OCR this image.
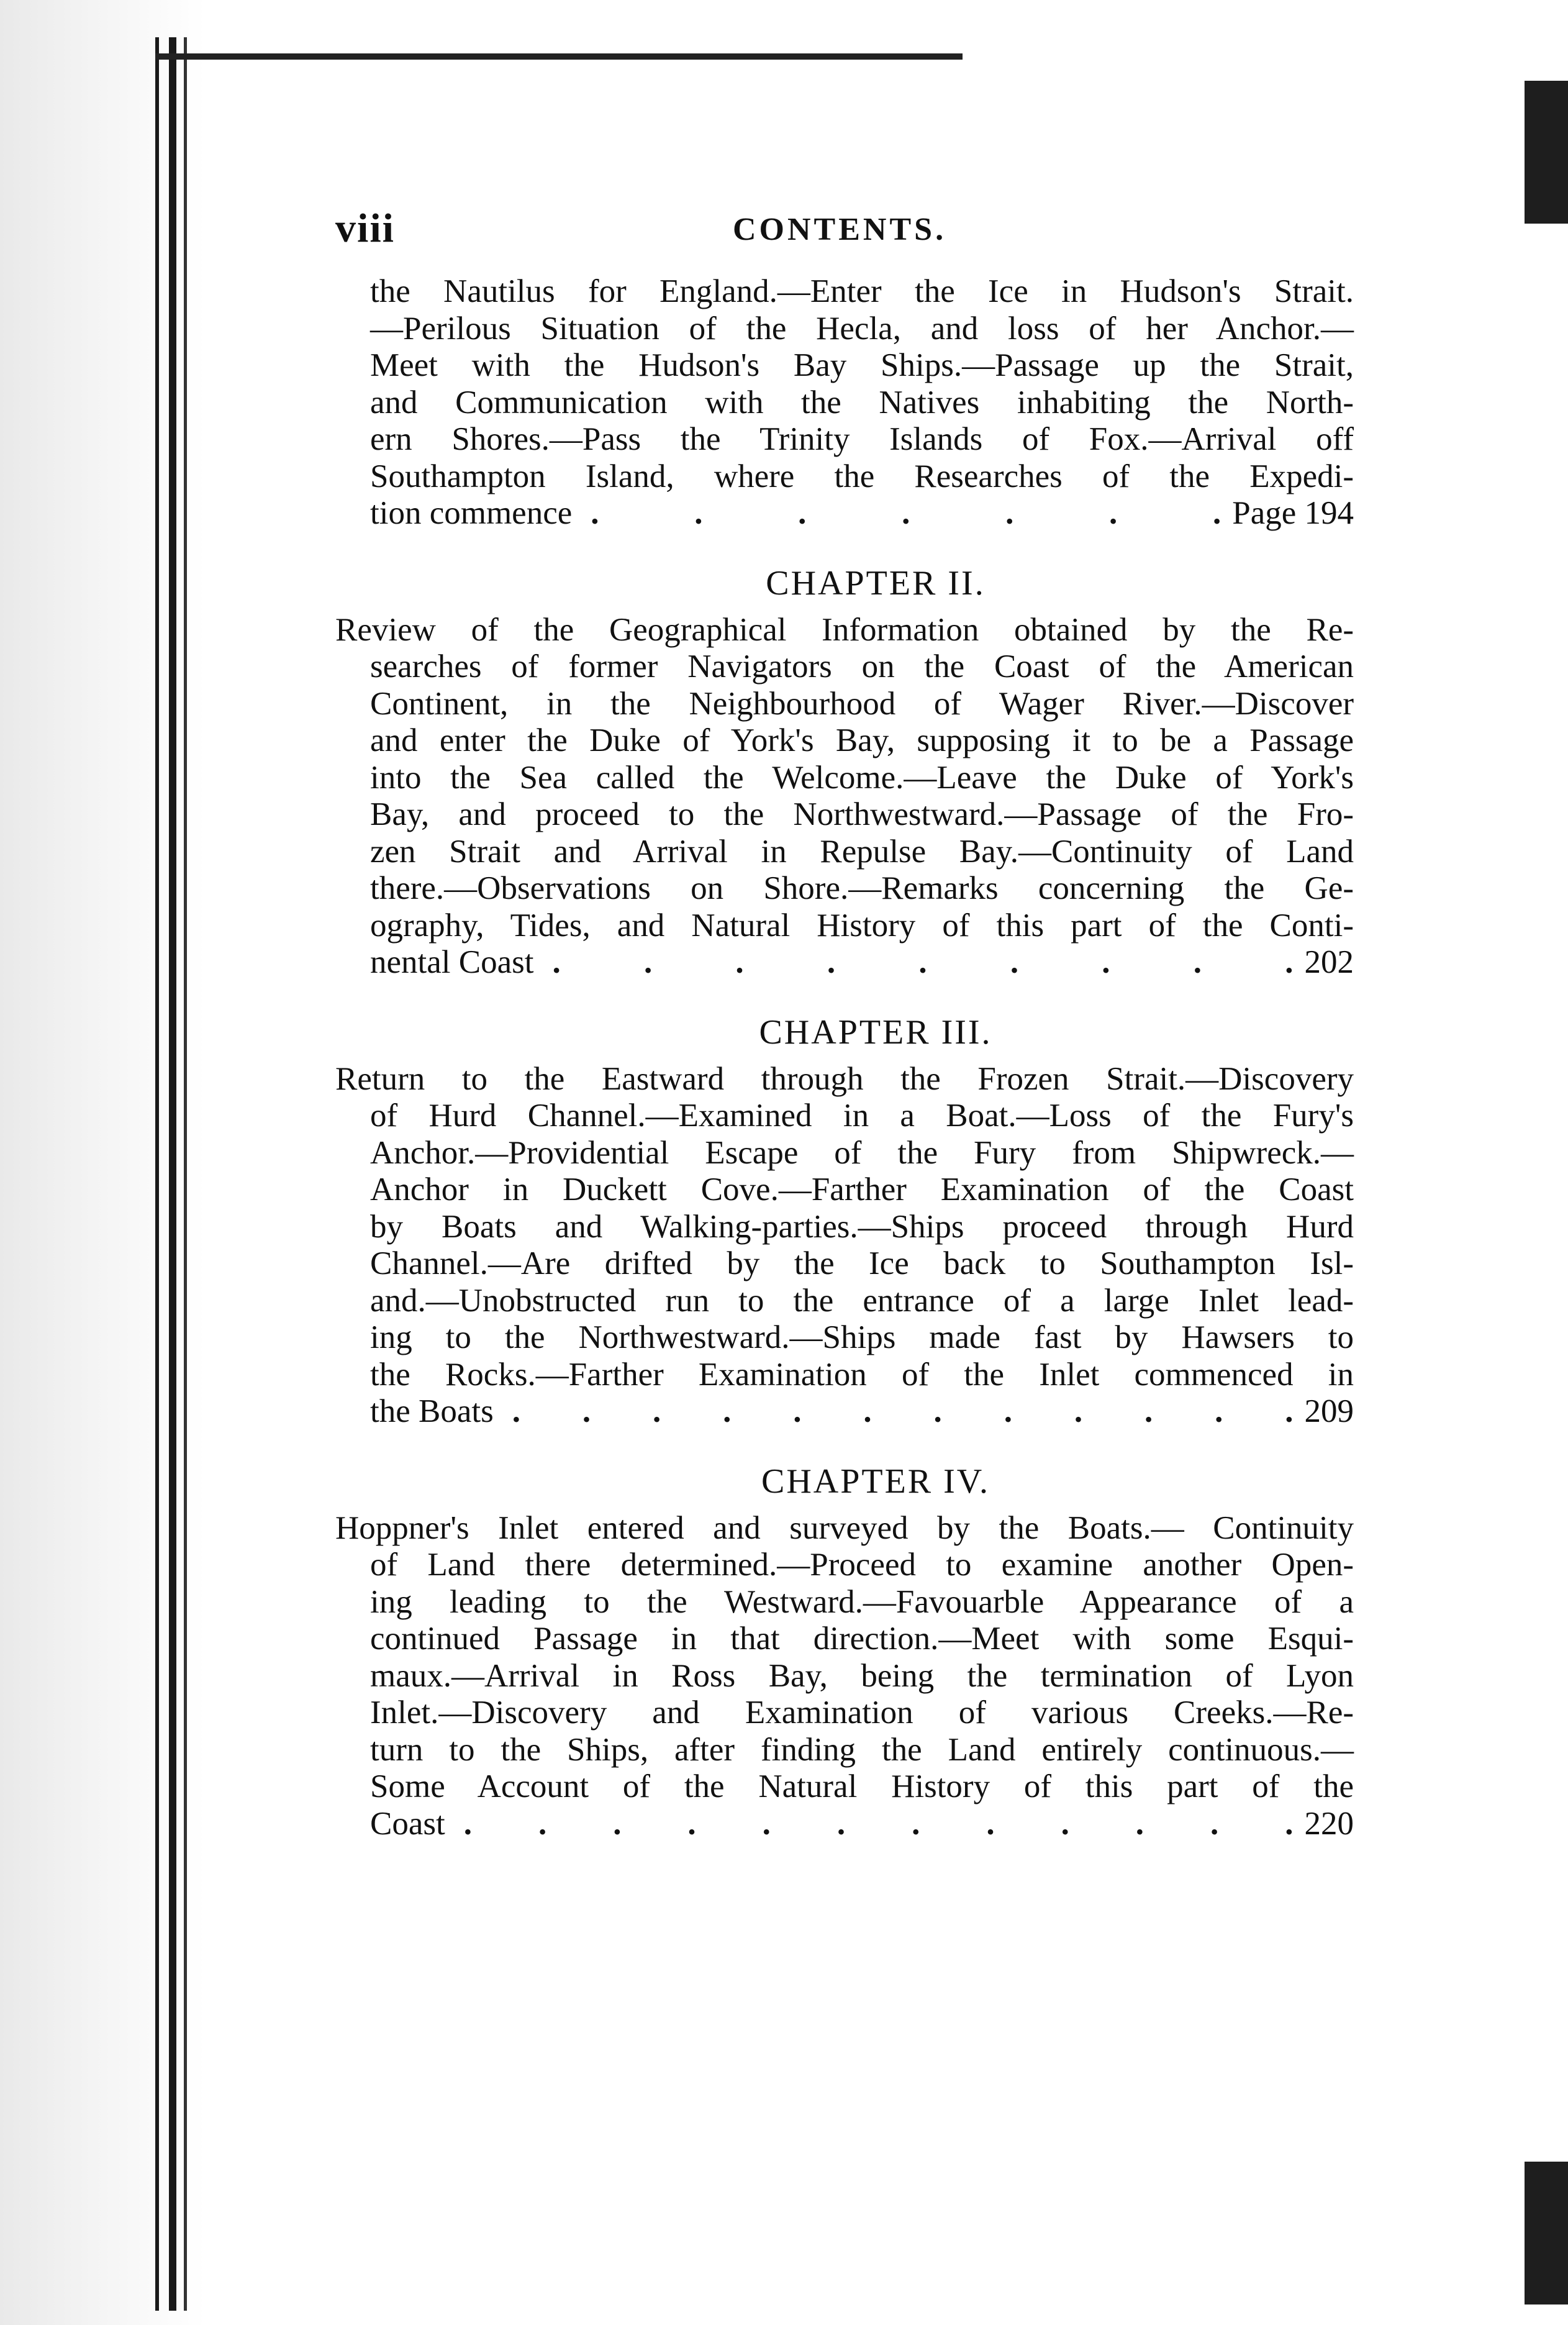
viii	CONTENTS.
the Nautilus for England.—Enter the Ice in Hudson's Strait.
—Perilous Situation of the Hecla, and loss of her Anchor.—
Meet with the Hudson's Bay Ships.—Passage up the Strait,
and Communication with the Natives inhabiting the North-
ern Shores.—Pass the Trinity Islands of Fox.—Arrival off
Southampton Island, where the Researches of the Expedi-
tion commence . . . . . . . Page 194
CHAPTER II.
Review of the Geographical Information obtained by the Re-
searches of former Navigators on the Coast of the American
Continent, in the Neighbourhood of Wager River.—Discover
and enter the Duke of York's Bay, supposing it to be a Passage
into the Sea called the Welcome.—Leave the Duke of York's
Bay, and proceed to the Northwestward.—Passage of the Fro-
zen Strait and Arrival in Repulse Bay.—Continuity of Land
there.—Observations on Shore.—Remarks concerning the Ge-
ography, Tides, and Natural History of this part of the Conti-
nental Coast . . . . . . . . . 202
CHAPTER III.
Return to the Eastward through the Frozen Strait.—Discovery
of Hurd Channel.—Examined in a Boat.—Loss of the Fury's
Anchor.—Providential Escape of the Fury from Shipwreck.—
Anchor in Duckett Cove.—Farther Examination of the Coast
by Boats and Walking-parties.—Ships proceed through Hurd
Channel.—Are drifted by the Ice back to Southampton Isl-
and.—Unobstructed run to the entrance of a large Inlet lead-
ing to the Northwestward.—Ships made fast by Hawsers to
the Rocks.—Farther Examination of the Inlet commenced in
the Boats . . . . . . . . . . . . 209
CHAPTER IV.
Hoppner's Inlet entered and surveyed by the Boats.— Continuity
of Land there determined.—Proceed to examine another Open-
ing leading to the Westward.—Favouarble Appearance of a
continued Passage in that direction.—Meet with some Esqui-
maux.—Arrival in Ross Bay, being the termination of Lyon
Inlet.—Discovery and Examination of various Creeks.—Re-
turn to the Ships, after finding the Land entirely continuous.—
Some Account of the Natural History of this part of the
Coast . . . . . . . . . . . . 220
